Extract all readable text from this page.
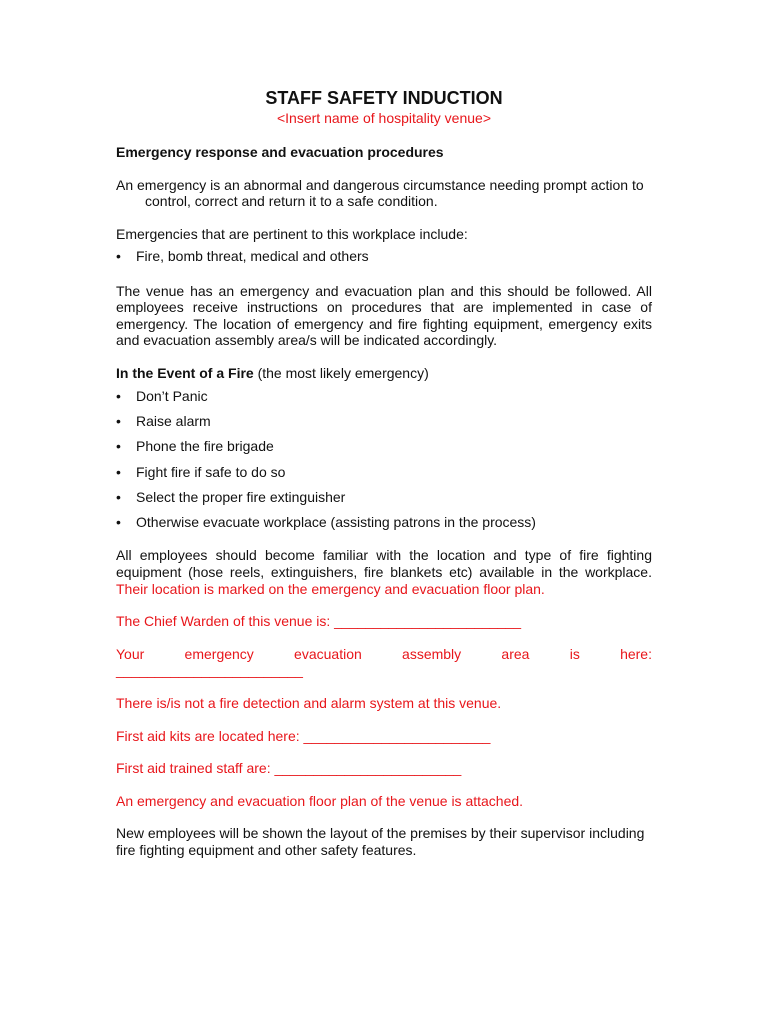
STAFF SAFETY INDUCTION

<Insert name of hospitality venue>

Emergency response and evacuation procedures

An emergency is an abnormal and dangerous circumstance needing prompt action to control, correct and return it to a safe condition.

Emergencies that are pertinent to this workplace include:

• Fire, bomb threat, medical and others

The venue has an emergency and evacuation plan and this should be followed. All employees receive instructions on procedures that are implemented in case of emergency. The location of emergency and fire fighting equipment, emergency exits and evacuation assembly area/s will be indicated accordingly.

In the Event of a Fire (the most likely emergency)

• Don’t Panic
• Raise alarm
• Phone the fire brigade
• Fight fire if safe to do so
• Select the proper fire extinguisher
• Otherwise evacuate workplace (assisting patrons in the process)

All employees should become familiar with the location and type of fire fighting equipment (hose reels, extinguishers, fire blankets etc) available in the workplace. Their location is marked on the emergency and evacuation floor plan.

The Chief Warden of this venue is: ________________________

Your emergency evacuation assembly area is here:

________________________

There is/is not a fire detection and alarm system at this venue.

First aid kits are located here: ________________________

First aid trained staff are: ________________________

An emergency and evacuation floor plan of the venue is attached.

New employees will be shown the layout of the premises by their supervisor including fire fighting equipment and other safety features.
